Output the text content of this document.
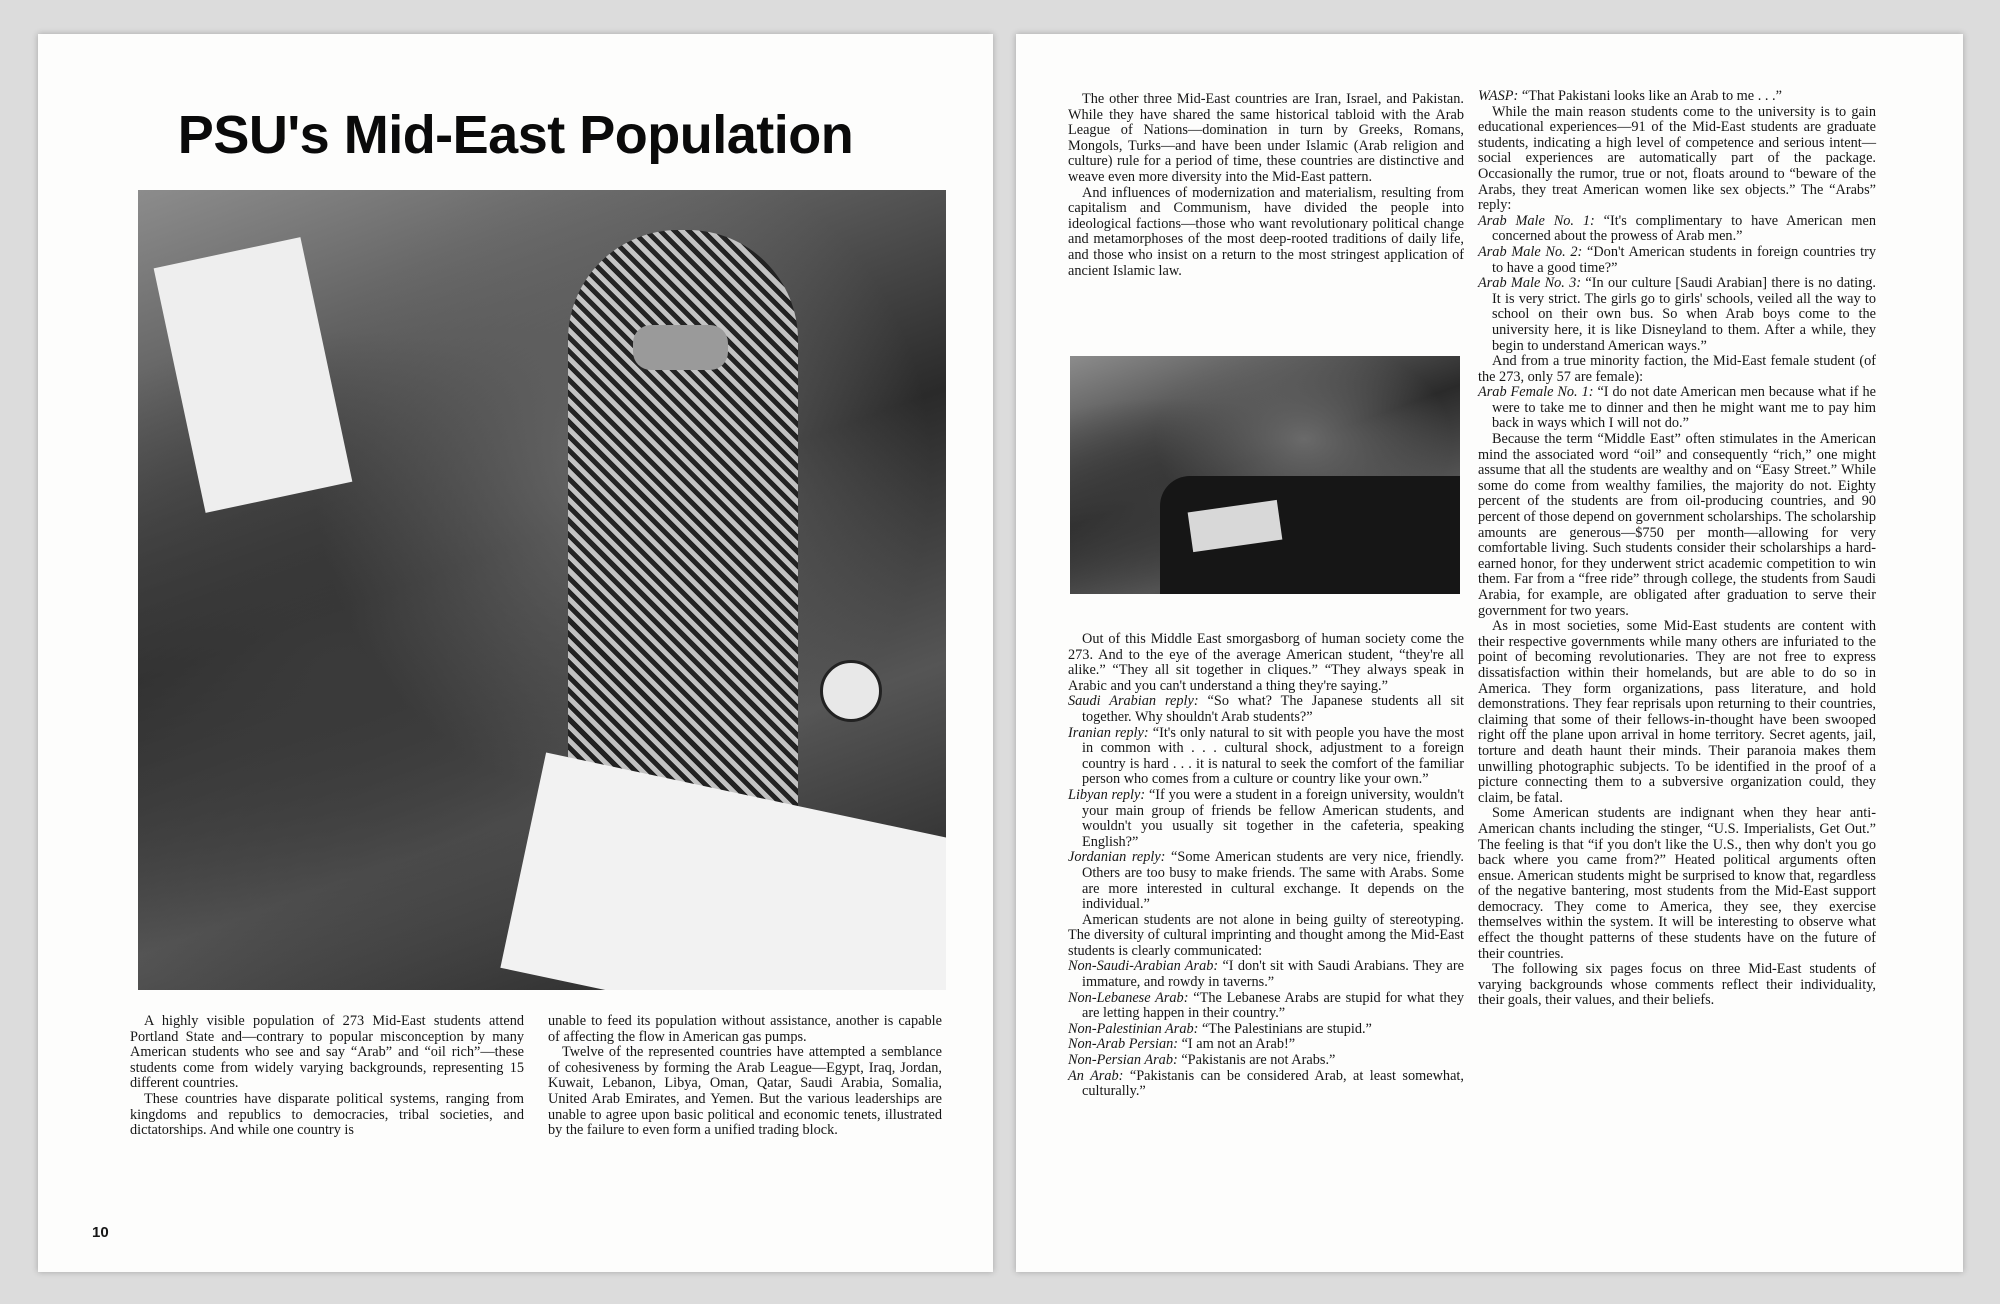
PSU's Mid-East Population

A highly visible population of 273 Mid-East students attend Portland State and—contrary to popular misconception by many American students who see and say “Arab” and “oil rich”—these students come from widely varying backgrounds, representing 15 different countries.

These countries have disparate political systems, ranging from kingdoms and republics to democracies, tribal societies, and dictatorships. And while one country is

unable to feed its population without assistance, another is capable of affecting the flow in American gas pumps.

Twelve of the represented countries have attempted a semblance of cohesiveness by forming the Arab League—Egypt, Iraq, Jordan, Kuwait, Lebanon, Libya, Oman, Qatar, Saudi Arabia, Somalia, United Arab Emirates, and Yemen. But the various leaderships are unable to agree upon basic political and economic tenets, illustrated by the failure to even form a unified trading block.

10

The other three Mid-East countries are Iran, Israel, and Pakistan. While they have shared the same historical tabloid with the Arab League of Nations—domination in turn by Greeks, Romans, Mongols, Turks—and have been under Islamic (Arab religion and culture) rule for a period of time, these countries are distinctive and weave even more diversity into the Mid-East pattern.

And influences of modernization and materialism, resulting from capitalism and Communism, have divided the people into ideological factions—those who want revolutionary political change and metamorphoses of the most deep-rooted traditions of daily life, and those who insist on a return to the most stringest application of ancient Islamic law.

Out of this Middle East smorgasborg of human society come the 273. And to the eye of the average American student, “they're all alike.” “They all sit together in cliques.” “They always speak in Arabic and you can't understand a thing they're saying.”

Saudi Arabian reply: “So what? The Japanese students all sit together. Why shouldn't Arab students?”

Iranian reply: “It's only natural to sit with people you have the most in common with . . . cultural shock, adjustment to a foreign country is hard . . . it is natural to seek the comfort of the familiar person who comes from a culture or country like your own.”

Libyan reply: “If you were a student in a foreign university, wouldn't your main group of friends be fellow American students, and wouldn't you usually sit together in the cafeteria, speaking English?”

Jordanian reply: “Some American students are very nice, friendly. Others are too busy to make friends. The same with Arabs. Some are more interested in cultural exchange. It depends on the individual.”

American students are not alone in being guilty of stereotyping. The diversity of cultural imprinting and thought among the Mid-East students is clearly communicated:

Non-Saudi-Arabian Arab: “I don't sit with Saudi Arabians. They are immature, and rowdy in taverns.”

Non-Lebanese Arab: “The Lebanese Arabs are stupid for what they are letting happen in their country.”

Non-Palestinian Arab: “The Palestinians are stupid.”

Non-Arab Persian: “I am not an Arab!”

Non-Persian Arab: “Pakistanis are not Arabs.”

An Arab: “Pakistanis can be considered Arab, at least somewhat, culturally.”

WASP: “That Pakistani looks like an Arab to me . . .”

While the main reason students come to the university is to gain educational experiences—91 of the Mid-East students are graduate students, indicating a high level of competence and serious intent—social experiences are automatically part of the package. Occasionally the rumor, true or not, floats around to “beware of the Arabs, they treat American women like sex objects.” The “Arabs” reply:

Arab Male No. 1: “It's complimentary to have American men concerned about the prowess of Arab men.”

Arab Male No. 2: “Don't American students in foreign countries try to have a good time?”

Arab Male No. 3: “In our culture [Saudi Arabian] there is no dating. It is very strict. The girls go to girls' schools, veiled all the way to school on their own bus. So when Arab boys come to the university here, it is like Disneyland to them. After a while, they begin to understand American ways.”

And from a true minority faction, the Mid-East female student (of the 273, only 57 are female):

Arab Female No. 1: “I do not date American men because what if he were to take me to dinner and then he might want me to pay him back in ways which I will not do.”

Because the term “Middle East” often stimulates in the American mind the associated word “oil” and consequently “rich,” one might assume that all the students are wealthy and on “Easy Street.” While some do come from wealthy families, the majority do not. Eighty percent of the students are from oil-producing countries, and 90 percent of those depend on government scholarships. The scholarship amounts are generous—$750 per month—allowing for very comfortable living. Such students consider their scholarships a hard-earned honor, for they underwent strict academic competition to win them. Far from a “free ride” through college, the students from Saudi Arabia, for example, are obligated after graduation to serve their government for two years.

As in most societies, some Mid-East students are content with their respective governments while many others are infuriated to the point of becoming revolutionaries. They are not free to express dissatisfaction within their homelands, but are able to do so in America. They form organizations, pass literature, and hold demonstrations. They fear reprisals upon returning to their countries, claiming that some of their fellows-in-thought have been swooped right off the plane upon arrival in home territory. Secret agents, jail, torture and death haunt their minds. Their paranoia makes them unwilling photographic subjects. To be identified in the proof of a picture connecting them to a subversive organization could, they claim, be fatal.

Some American students are indignant when they hear anti-American chants including the stinger, “U.S. Imperialists, Get Out.” The feeling is that “if you don't like the U.S., then why don't you go back where you came from?” Heated political arguments often ensue. American students might be surprised to know that, regardless of the negative bantering, most students from the Mid-East support democracy. They come to America, they see, they exercise themselves within the system. It will be interesting to observe what effect the thought patterns of these students have on the future of their countries.

The following six pages focus on three Mid-East students of varying backgrounds whose comments reflect their individuality, their goals, their values, and their beliefs.
